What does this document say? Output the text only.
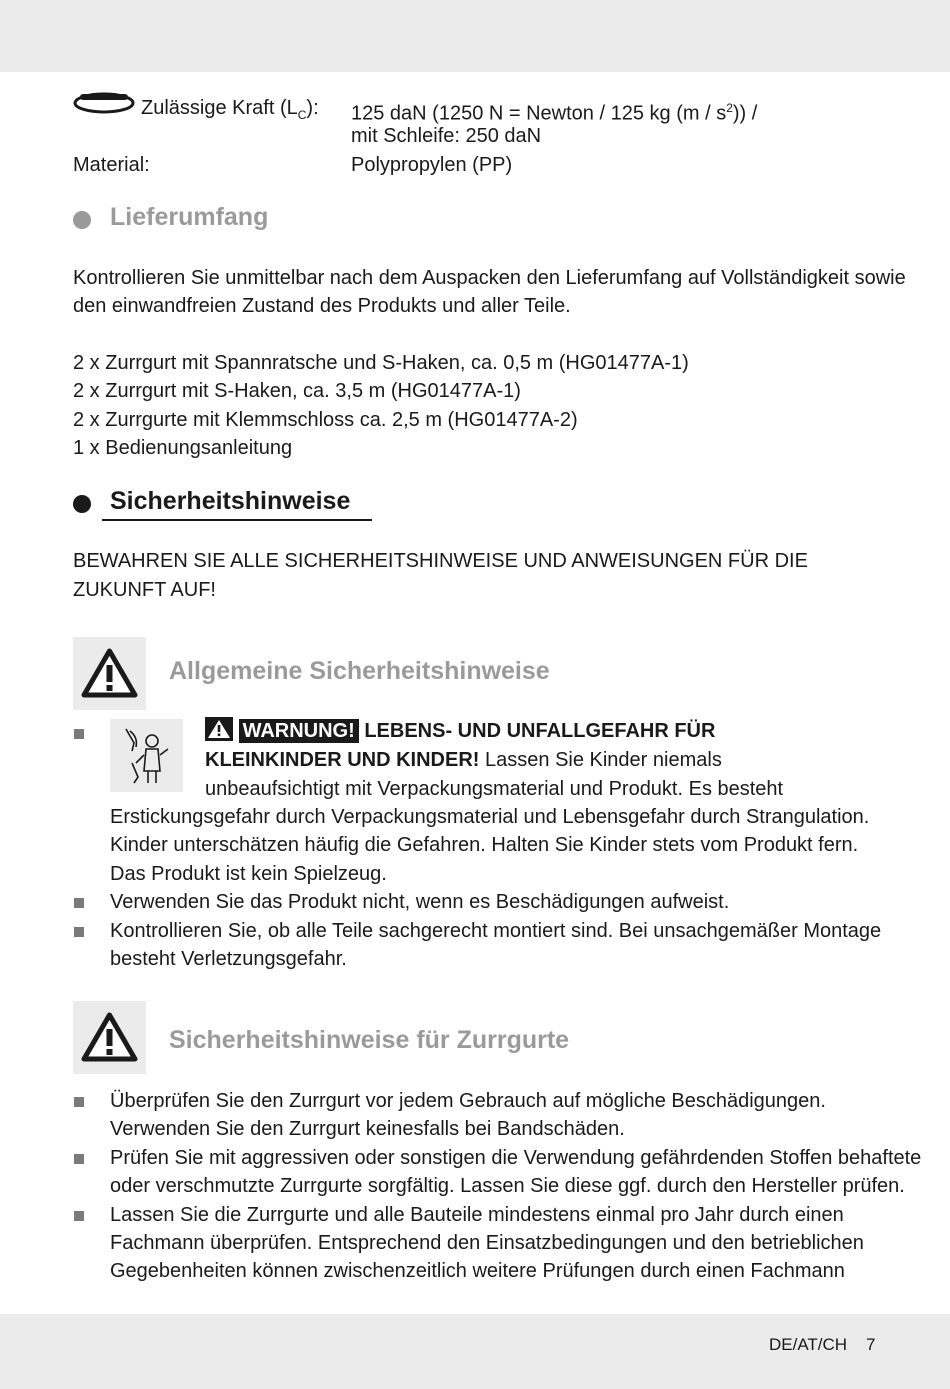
Zulässige Kraft $(L_C)$: 125 daN (1250 N = Newton / 125 kg $(m / s^2)$) /
mit Schleife: 250 daN
Material:	Polypropylen (PP)
Lieferumfang
Kontrollieren Sie unmittelbar nach dem Auspacken den Lieferumfang auf Vollständigkeit sowie
den einwandfreien Zustand des Produkts und aller Teile.
2 x Zurrgurt mit Spannratsche und S-Haken, ca. 0,5 m (HG01477A-1)
2 x Zurrgurt mit S-Haken, ca. 3,5 m (HG01477A-1)
2 x Zurrgurte mit Klemmschloss ca. 2,5 m (HG01477A-2)
1 x Bedienungsanleitung
Sicherheitshinweise
BEWAHREN SIE ALLE SICHERHEITSHINWEISE UND ANWEISUNGEN FÜR DIE
ZUKUNFT AUF!
Allgemeine Sicherheitshinweise
WARNUNG! LEBENS- UND UNFALLGEFAHR FÜR
KLEINKINDER UND KINDER! Lassen Sie Kinder niemals
unbeaufsichtigt mit Verpackungsmaterial und Produkt. Es besteht
Erstickungsgefahr durch Verpackungsmaterial und Lebensgefahr durch Strangulation.
Kinder unterschätzen häufig die Gefahren. Halten Sie Kinder stets vom Produkt fern.
Das Produkt ist kein Spielzeug.
Verwenden Sie das Produkt nicht, wenn es Beschädigungen aufweist.
Kontrollieren Sie, ob alle Teile sachgerecht montiert sind. Bei unsachgemäßer Montage
besteht Verletzungsgefahr.
Sicherheitshinweise für Zurrgurte
Überprüfen Sie den Zurrgurt vor jedem Gebrauch auf mögliche Beschädigungen.
Verwenden Sie den Zurrgurt keinesfalls bei Bandschäden.
Prüfen Sie mit aggressiven oder sonstigen die Verwendung gefährdenden Stoffen behaftete
oder verschmutzte Zurrgurte sorgfältig. Lassen Sie diese ggf. durch den Hersteller prüfen.
Lassen Sie die Zurrgurte und alle Bauteile mindestens einmal pro Jahr durch einen
Fachmann überprüfen. Entsprechend den Einsatzbedingungen und den betrieblichen
Gegebenheiten können zwischenzeitlich weitere Prüfungen durch einen Fachmann
DE/AT/CH 7
